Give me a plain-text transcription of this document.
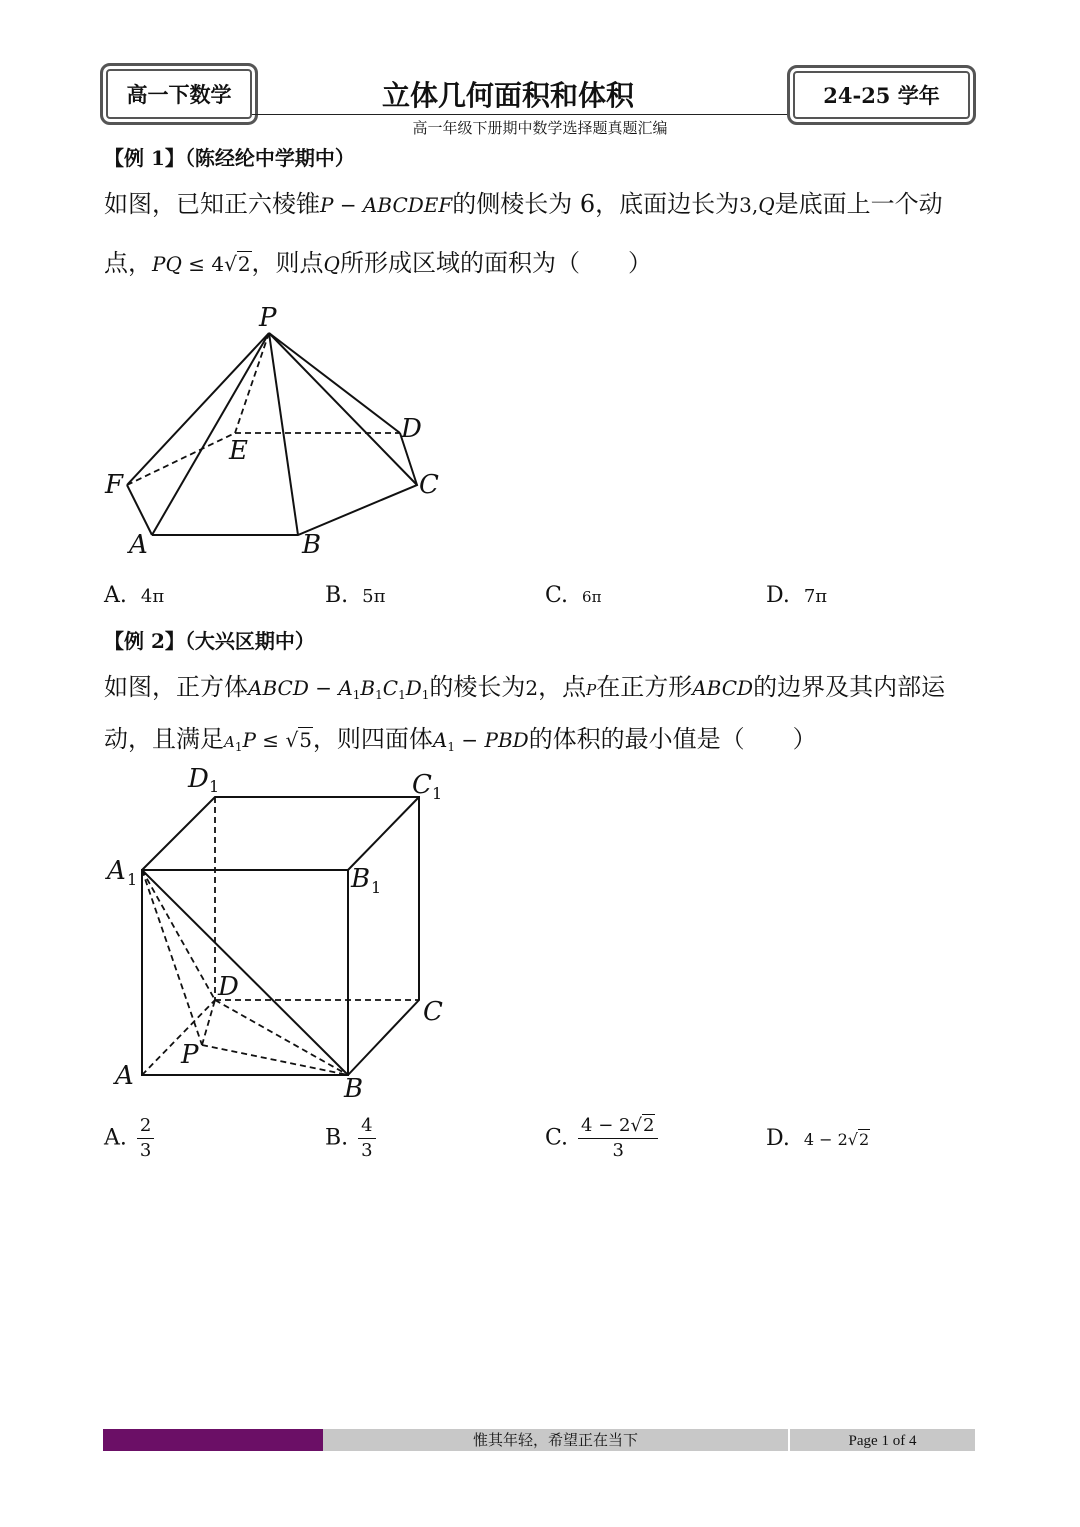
高一下数学	立体几何面积和体积	24-25 学年
高一年级下册期中数学选择题真题汇编
【例 1】（陈经纶中学期中）
如图，已知正六棱锥P − ABCDEF的侧棱长为 6，底面边长为3,Q是底面上一个动
点，PQ ≤ 4√2，则点Q所形成区域的面积为（　　）
P
D
E
F	C
A	B
A. 4π	B. 5π	C. 6π	D. 7π
【例 2】（大兴区期中）
如图，正方体ABCD − $A_1B_1C_1D_1$的棱长为2，点P在正方形ABCD的边界及其内部运
动，且满足$A_1P \le √5$，则四面体$A_1$ − PBD的体积的最小值是（　　）
D 1	C 1
A 1	B 1
D
C
P
A	B
A. $\frac{2}{3}$	B. $\frac{4}{3}$	C. $\frac{4 - 2√2}{3}$	D. 4 − 2√2
惟其年轻，希望正在当下	Page 1 of 4
